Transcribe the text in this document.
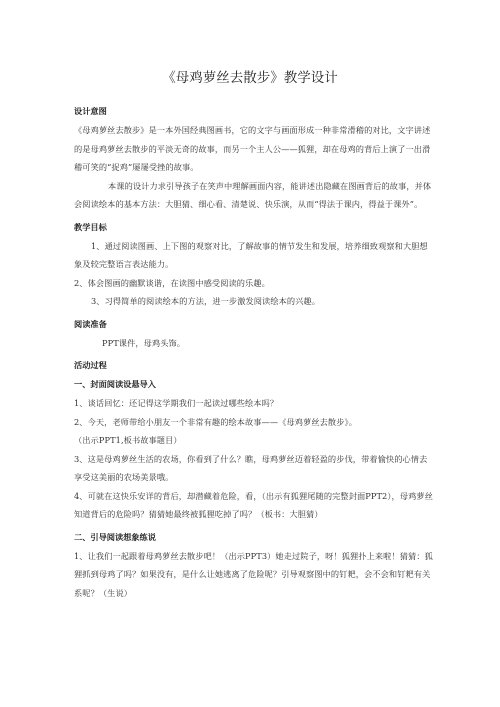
《母鸡萝丝去散步》教学设计
设计意图
《母鸡萝丝去散步》是一本外国经典图画书，它的文字与画面形成一种非常滑稽的对比，文字讲述的是母鸡萝丝去散步的平淡无奇的故事，而另一个主人公——狐狸，却在母鸡的背后上演了一出滑稽可笑的“捉鸡”屡屡受挫的故事。
本课的设计力求引导孩子在笑声中理解画面内容，能讲述出隐藏在图画背后的故事，并体会阅读绘本的基本方法：大胆猜、细心看、清楚说、快乐演，从而“得法于课内，得益于课外”。
教学目标
1、通过阅读图画、上下图的观察对比，了解故事的情节发生和发展，培养细致观察和大胆想象及较完整语言表达能力。
2、体会图画的幽默谈谐，在读图中感受阅读的乐趣。
3、习得简单的阅读绘本的方法，进一步激发阅读绘本的兴趣。
阅读准备
PPT课件，母鸡头饰。
活动过程
一、封面阅读设悬导入
1、谈话回忆：还记得这学期我们一起读过哪些绘本吗？
2、今天，老师带给小朋友一个非常有趣的绘本故事——《母鸡萝丝去散步》。
（出示PPT1,板书故事题目）
3、这是母鸡萝丝生活的农场，你看到了什么？瞧，母鸡萝丝迈着轻盈的步伐，带着愉快的心情去享受这美丽的农场美景哦。
4、可就在这快乐安详的背后，却潜藏着危险，看，（出示有狐狸尾随的完整封面PPT2），母鸡萝丝知道背后的危险吗？猜猜她最终被狐狸吃掉了吗？（板书：大胆猜）
二、引导阅读想象练说
1、让我们一起跟着母鸡萝丝去散步吧！（出示PPT3）她走过院子，呀！狐狸扑上来啦！猜猜：狐狸抓到母鸡了吗？如果没有，是什么让她逃离了危险呢？引导观察图中的钉耙，会不会和钉耙有关系呢？（生说）
